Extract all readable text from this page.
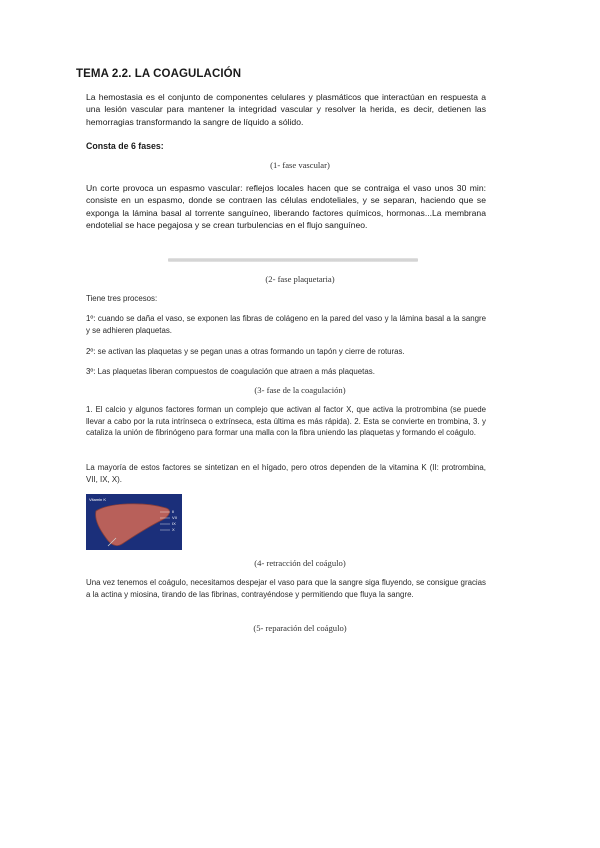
TEMA 2.2. LA COAGULACIÓN
La hemostasia es el conjunto de componentes celulares y plasmáticos que interactúan en respuesta a una lesión vascular para mantener la integridad vascular y resolver la herida, es decir, detienen las hemorragias transformando la sangre de líquido a sólido.
Consta de 6 fases:
(1- fase vascular)
Un corte provoca un espasmo vascular: reflejos locales hacen que se contraiga el vaso unos 30 min: consiste en un espasmo, donde se contraen las células endoteliales, y se separan, haciendo que se exponga la lámina basal al torrente sanguíneo, liberando factores químicos, hormonas...La membrana endotelial se hace pegajosa y se crean turbulencias en el flujo sanguíneo.
(2- fase plaquetaria)
Tiene tres procesos:
1º: cuando se daña el vaso, se exponen las fibras de colágeno en la pared del vaso y la lámina basal a la sangre y se adhieren plaquetas.
2º: se activan las plaquetas y se pegan unas a otras formando un tapón y cierre de roturas.
3º: Las plaquetas liberan compuestos de coagulación que atraen a más plaquetas.
(3- fase de la coagulación)
1. El calcio y algunos factores forman un complejo que activan al factor X, que activa la protrombina (se puede llevar a cabo por la ruta intrínseca o extrínseca, esta última es más rápida). 2. Esta se convierte en trombina, 3. y cataliza la unión de fibrinógeno para formar una malla con la fibra uniendo las plaquetas y formando el coágulo.
La mayoría de estos factores se sintetizan en el hígado, pero otros dependen de la vitamina K (II: protrombina, VII, IX, X).
Vitamin K
II
VII
IX
X
(4- retracción del coágulo)
Una vez tenemos el coágulo, necesitamos despejar el vaso para que la sangre siga fluyendo, se consigue gracias a la actina y miosina, tirando de las fibrinas, contrayéndose y permitiendo que fluya la sangre.
(5- reparación del coágulo)
